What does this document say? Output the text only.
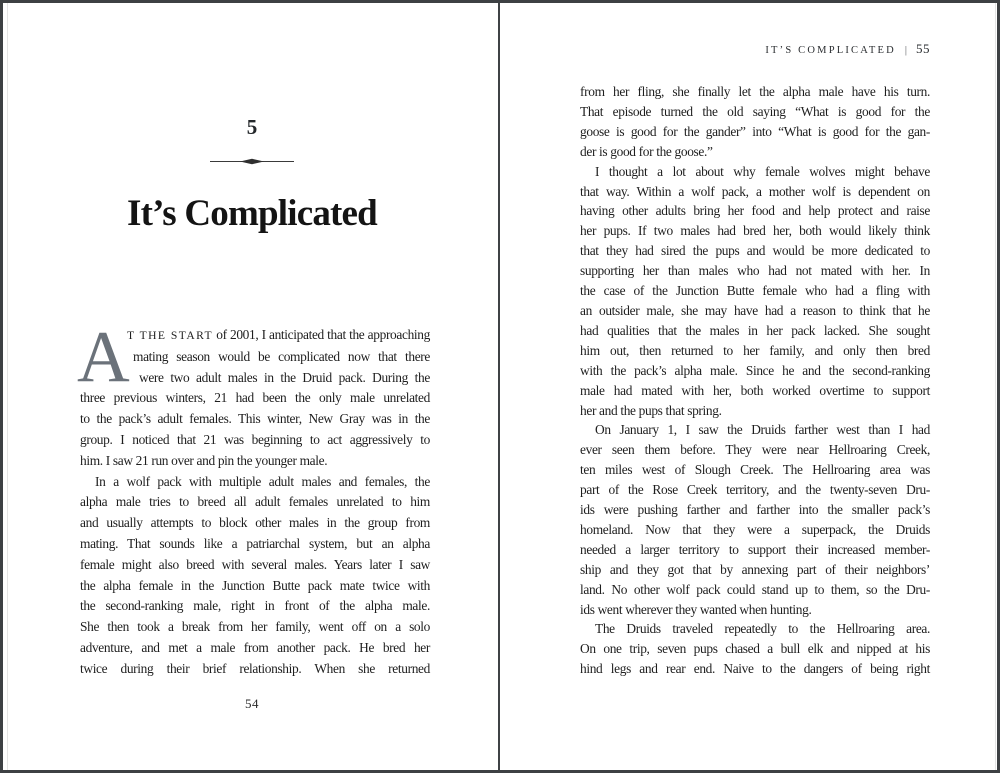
5
It’s Complicated
A
T THE START of 2001, I anticipated that the approaching
mating season would be complicated now that there
were two adult males in the Druid pack. During the
three previous winters, 21 had been the only male unrelated
to the pack’s adult females. This winter, New Gray was in the
group. I noticed that 21 was beginning to act aggressively to
him. I saw 21 run over and pin the younger male.
In a wolf pack with multiple adult males and females, the
alpha male tries to breed all adult females unrelated to him
and usually attempts to block other males in the group from
mating. That sounds like a patriarchal system, but an alpha
female might also breed with several males. Years later I saw
the alpha female in the Junction Butte pack mate twice with
the second-ranking male, right in front of the alpha male.
She then took a break from her family, went off on a solo
adventure, and met a male from another pack. He bred her
twice during their brief relationship. When she returned
54
IT’S COMPLICATED | 55
from her fling, she finally let the alpha male have his turn.
That episode turned the old saying “What is good for the
goose is good for the gander” into “What is good for the gan-
der is good for the goose.”
I thought a lot about why female wolves might behave
that way. Within a wolf pack, a mother wolf is dependent on
having other adults bring her food and help protect and raise
her pups. If two males had bred her, both would likely think
that they had sired the pups and would be more dedicated to
supporting her than males who had not mated with her. In
the case of the Junction Butte female who had a fling with
an outsider male, she may have had a reason to think that he
had qualities that the males in her pack lacked. She sought
him out, then returned to her family, and only then bred
with the pack’s alpha male. Since he and the second-ranking
male had mated with her, both worked overtime to support
her and the pups that spring.
On January 1, I saw the Druids farther west than I had
ever seen them before. They were near Hellroaring Creek,
ten miles west of Slough Creek. The Hellroaring area was
part of the Rose Creek territory, and the twenty-seven Dru-
ids were pushing farther and farther into the smaller pack’s
homeland. Now that they were a superpack, the Druids
needed a larger territory to support their increased member-
ship and they got that by annexing part of their neighbors’
land. No other wolf pack could stand up to them, so the Dru-
ids went wherever they wanted when hunting.
The Druids traveled repeatedly to the Hellroaring area.
On one trip, seven pups chased a bull elk and nipped at his
hind legs and rear end. Naive to the dangers of being right
